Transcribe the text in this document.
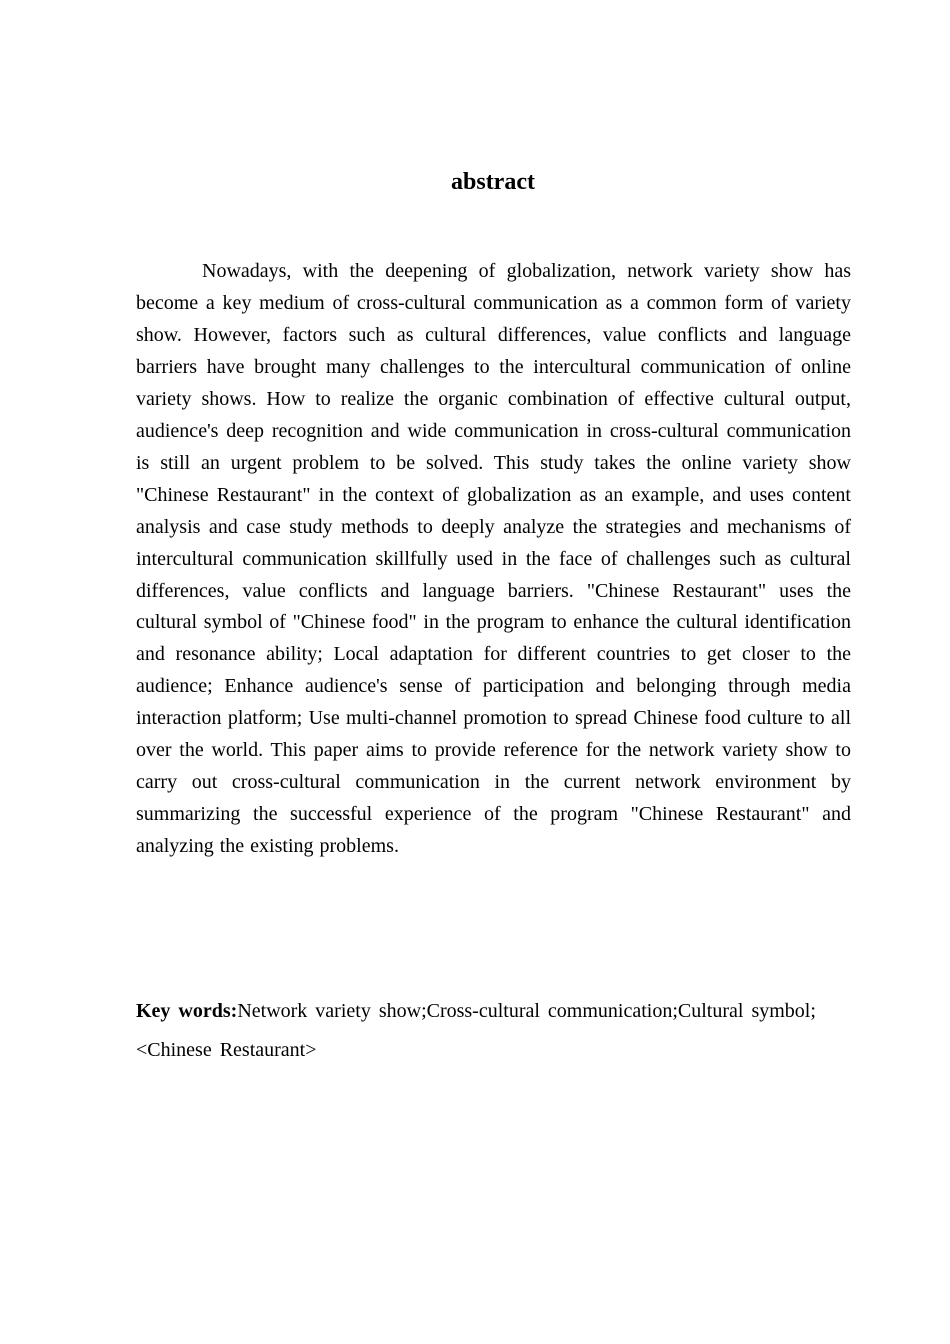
abstract

Nowadays, with the deepening of globalization, network variety show has become a key medium of cross-cultural communication as a common form of variety show. However, factors such as cultural differences, value conflicts and language barriers have brought many challenges to the intercultural communication of online variety shows. How to realize the organic combination of effective cultural output, audience's deep recognition and wide communication in cross-cultural communication is still an urgent problem to be solved. This study takes the online variety show "Chinese Restaurant" in the context of globalization as an example, and uses content analysis and case study methods to deeply analyze the strategies and mechanisms of intercultural communication skillfully used in the face of challenges such as cultural differences, value conflicts and language barriers. "Chinese Restaurant" uses the cultural symbol of "Chinese food" in the program to enhance the cultural identification and resonance ability; Local adaptation for different countries to get closer to the audience; Enhance audience's sense of participation and belonging through media interaction platform; Use multi-channel promotion to spread Chinese food culture to all over the world. This paper aims to provide reference for the network variety show to carry out cross-cultural communication in the current network environment by summarizing the successful experience of the program "Chinese Restaurant" and analyzing the existing problems.

Key words:Network variety show;Cross-cultural communication;Cultural symbol; <Chinese Restaurant>
